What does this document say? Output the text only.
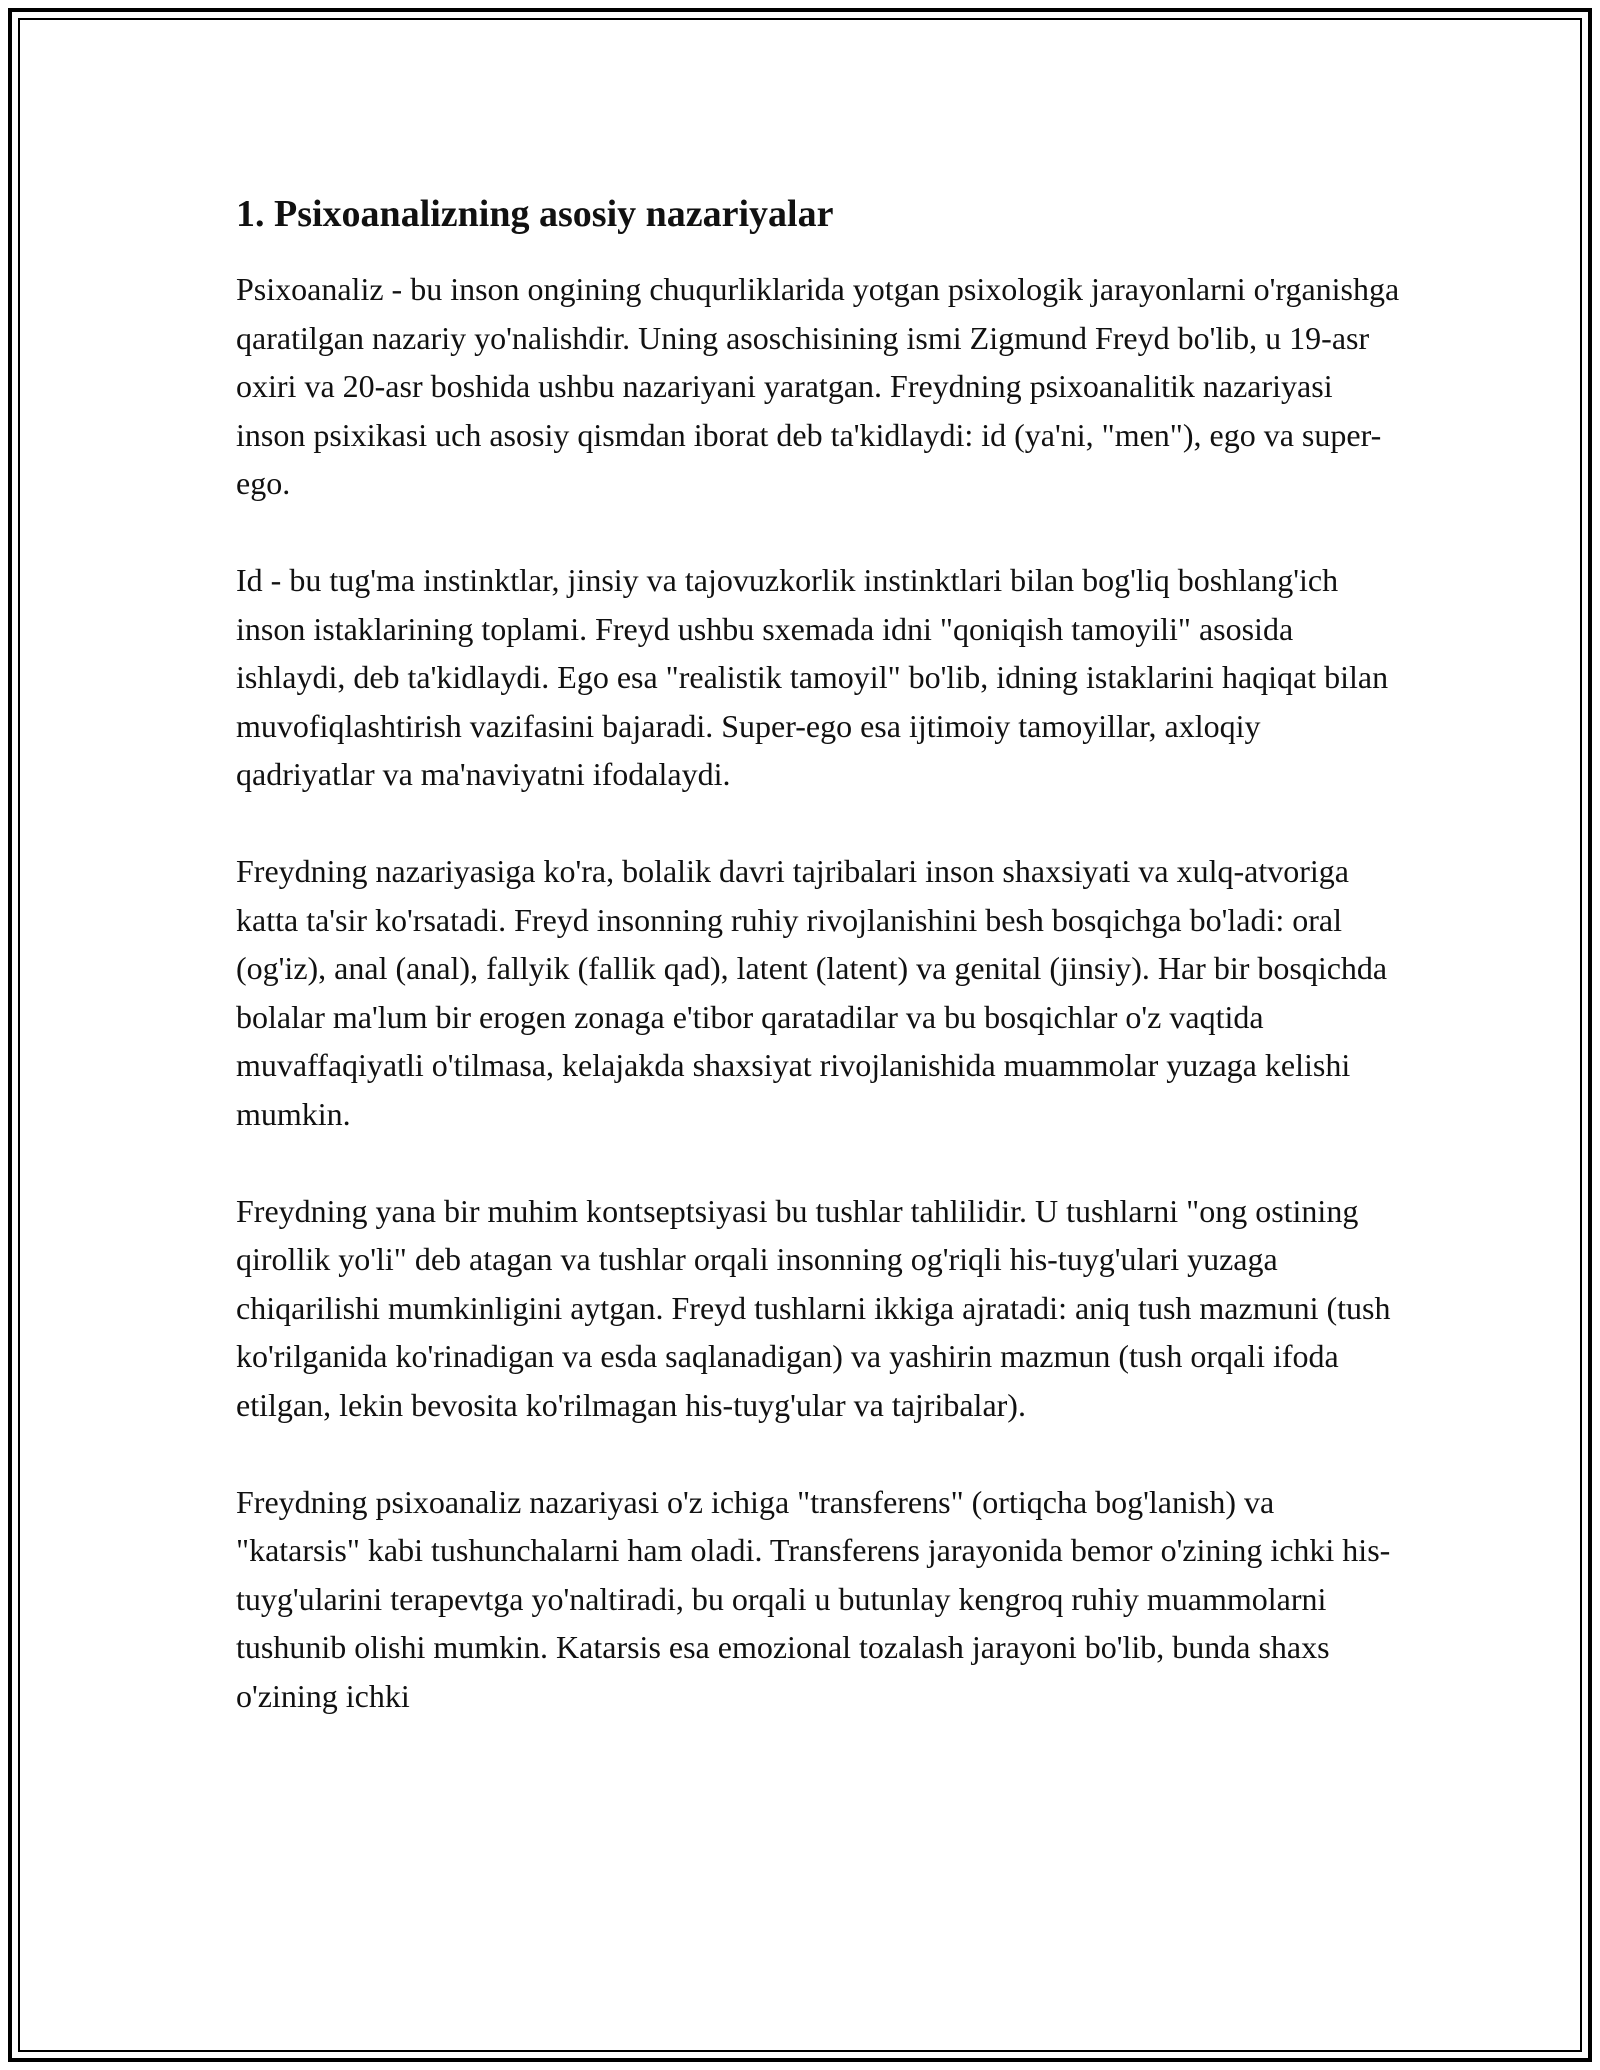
1. Psixoanalizning asosiy nazariyalar

Psixoanaliz - bu inson ongining chuqurliklarida yotgan psixologik jarayonlarni o'rganishga qaratilgan nazariy yo'nalishdir. Uning asoschisining ismi Zigmund Freyd bo'lib, u 19-asr oxiri va 20-asr boshida ushbu nazariyani yaratgan. Freydning psixoanalitik nazariyasi inson psixikasi uch asosiy qismdan iborat deb ta'kidlaydi: id (ya'ni, "men"), ego va super-ego.

Id - bu tug'ma instinktlar, jinsiy va tajovuzkorlik instinktlari bilan bog'liq boshlang'ich inson istaklarining toplami. Freyd ushbu sxemada idni "qoniqish tamoyili" asosida ishlaydi, deb ta'kidlaydi. Ego esa "realistik tamoyil" bo'lib, idning istaklarini haqiqat bilan muvofiqlashtirish vazifasini bajaradi. Super-ego esa ijtimoiy tamoyillar, axloqiy qadriyatlar va ma'naviyatni ifodalaydi.

Freydning nazariyasiga ko'ra, bolalik davri tajribalari inson shaxsiyati va xulq-atvoriga katta ta'sir ko'rsatadi. Freyd insonning ruhiy rivojlanishini besh bosqichga bo'ladi: oral (og'iz), anal (anal), fallyik (fallik qad), latent (latent) va genital (jinsiy). Har bir bosqichda bolalar ma'lum bir erogen zonaga e'tibor qaratadilar va bu bosqichlar o'z vaqtida muvaffaqiyatli o'tilmasa, kelajakda shaxsiyat rivojlanishida muammolar yuzaga kelishi mumkin.

Freydning yana bir muhim kontseptsiyasi bu tushlar tahlilidir. U tushlarni "ong ostining qirollik yo'li" deb atagan va tushlar orqali insonning og'riqli his-tuyg'ulari yuzaga chiqarilishi mumkinligini aytgan. Freyd tushlarni ikkiga ajratadi: aniq tush mazmuni (tush ko'rilganida ko'rinadigan va esda saqlanadigan) va yashirin mazmun (tush orqali ifoda etilgan, lekin bevosita ko'rilmagan his-tuyg'ular va tajribalar).

Freydning psixoanaliz nazariyasi o'z ichiga "transferens" (ortiqcha bog'lanish) va "katarsis" kabi tushunchalarni ham oladi. Transferens jarayonida bemor o'zining ichki his-tuyg'ularini terapevtga yo'naltiradi, bu orqali u butunlay kengroq ruhiy muammolarni tushunib olishi mumkin. Katarsis esa emozional tozalash jarayoni bo'lib, bunda shaxs o'zining ichki
